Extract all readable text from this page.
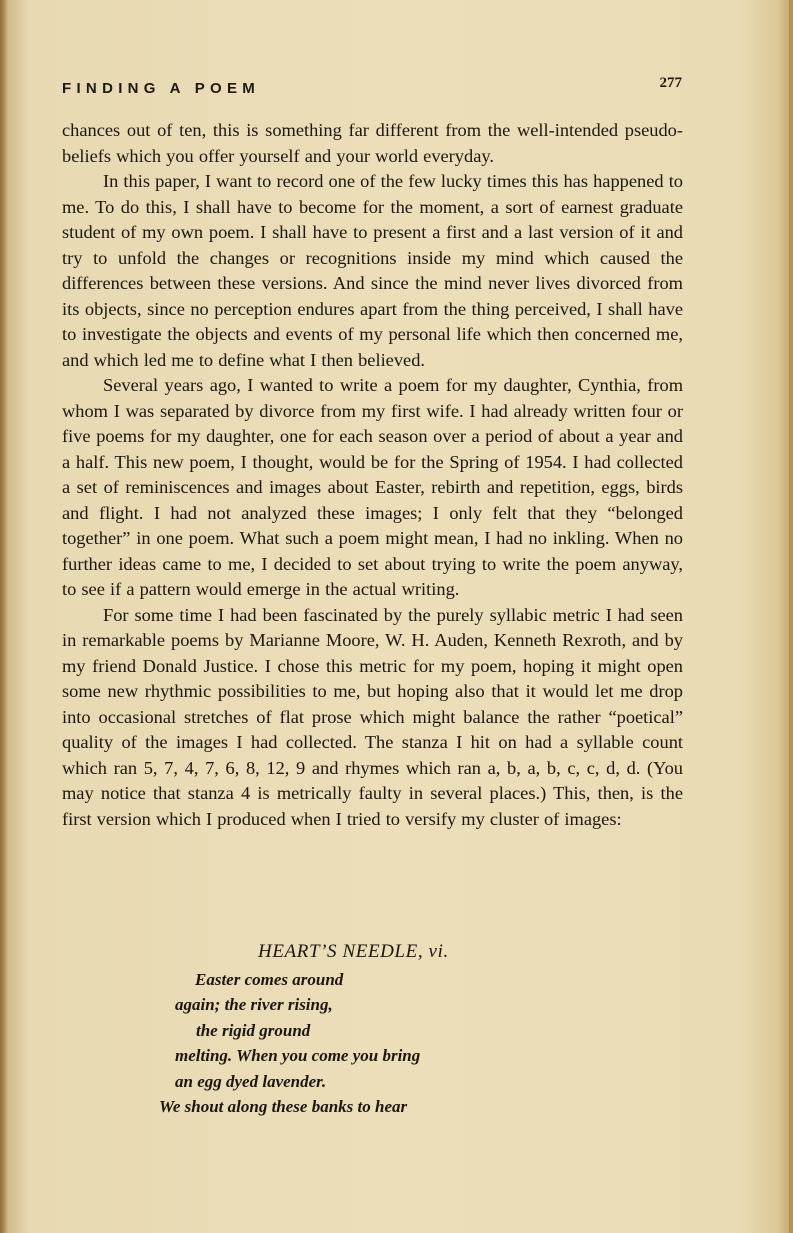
FINDING A POEM	277

chances out of ten, this is something far different from the well-intended pseudo-beliefs which you offer yourself and your world everyday.

In this paper, I want to record one of the few lucky times this has happened to me. To do this, I shall have to become for the moment, a sort of earnest graduate student of my own poem. I shall have to present a first and a last version of it and try to unfold the changes or recognitions inside my mind which caused the differences between these versions. And since the mind never lives divorced from its objects, since no perception endures apart from the thing perceived, I shall have to investigate the objects and events of my personal life which then concerned me, and which led me to define what I then believed.

Several years ago, I wanted to write a poem for my daughter, Cynthia, from whom I was separated by divorce from my first wife. I had already written four or five poems for my daughter, one for each season over a period of about a year and a half. This new poem, I thought, would be for the Spring of 1954. I had collected a set of reminiscences and images about Easter, rebirth and repetition, eggs, birds and flight. I had not analyzed these images; I only felt that they “belonged together” in one poem. What such a poem might mean, I had no inkling. When no further ideas came to me, I decided to set about trying to write the poem anyway, to see if a pattern would emerge in the actual writing.

For some time I had been fascinated by the purely syllabic metric I had seen in remarkable poems by Marianne Moore, W. H. Auden, Kenneth Rexroth, and by my friend Donald Justice. I chose this metric for my poem, hoping it might open some new rhythmic possibilities to me, but hoping also that it would let me drop into occasional stretches of flat prose which might balance the rather “poetical” quality of the images I had collected. The stanza I hit on had a syllable count which ran 5, 7, 4, 7, 6, 8, 12, 9 and rhymes which ran a, b, a, b, c, c, d, d. (You may notice that stanza 4 is metrically faulty in several places.) This, then, is the first version which I produced when I tried to versify my cluster of images:

HEART’S NEEDLE, vi.
Easter comes around
again; the river rising,
the rigid ground
melting. When you come you bring
an egg dyed lavender.
We shout along these banks to hear
